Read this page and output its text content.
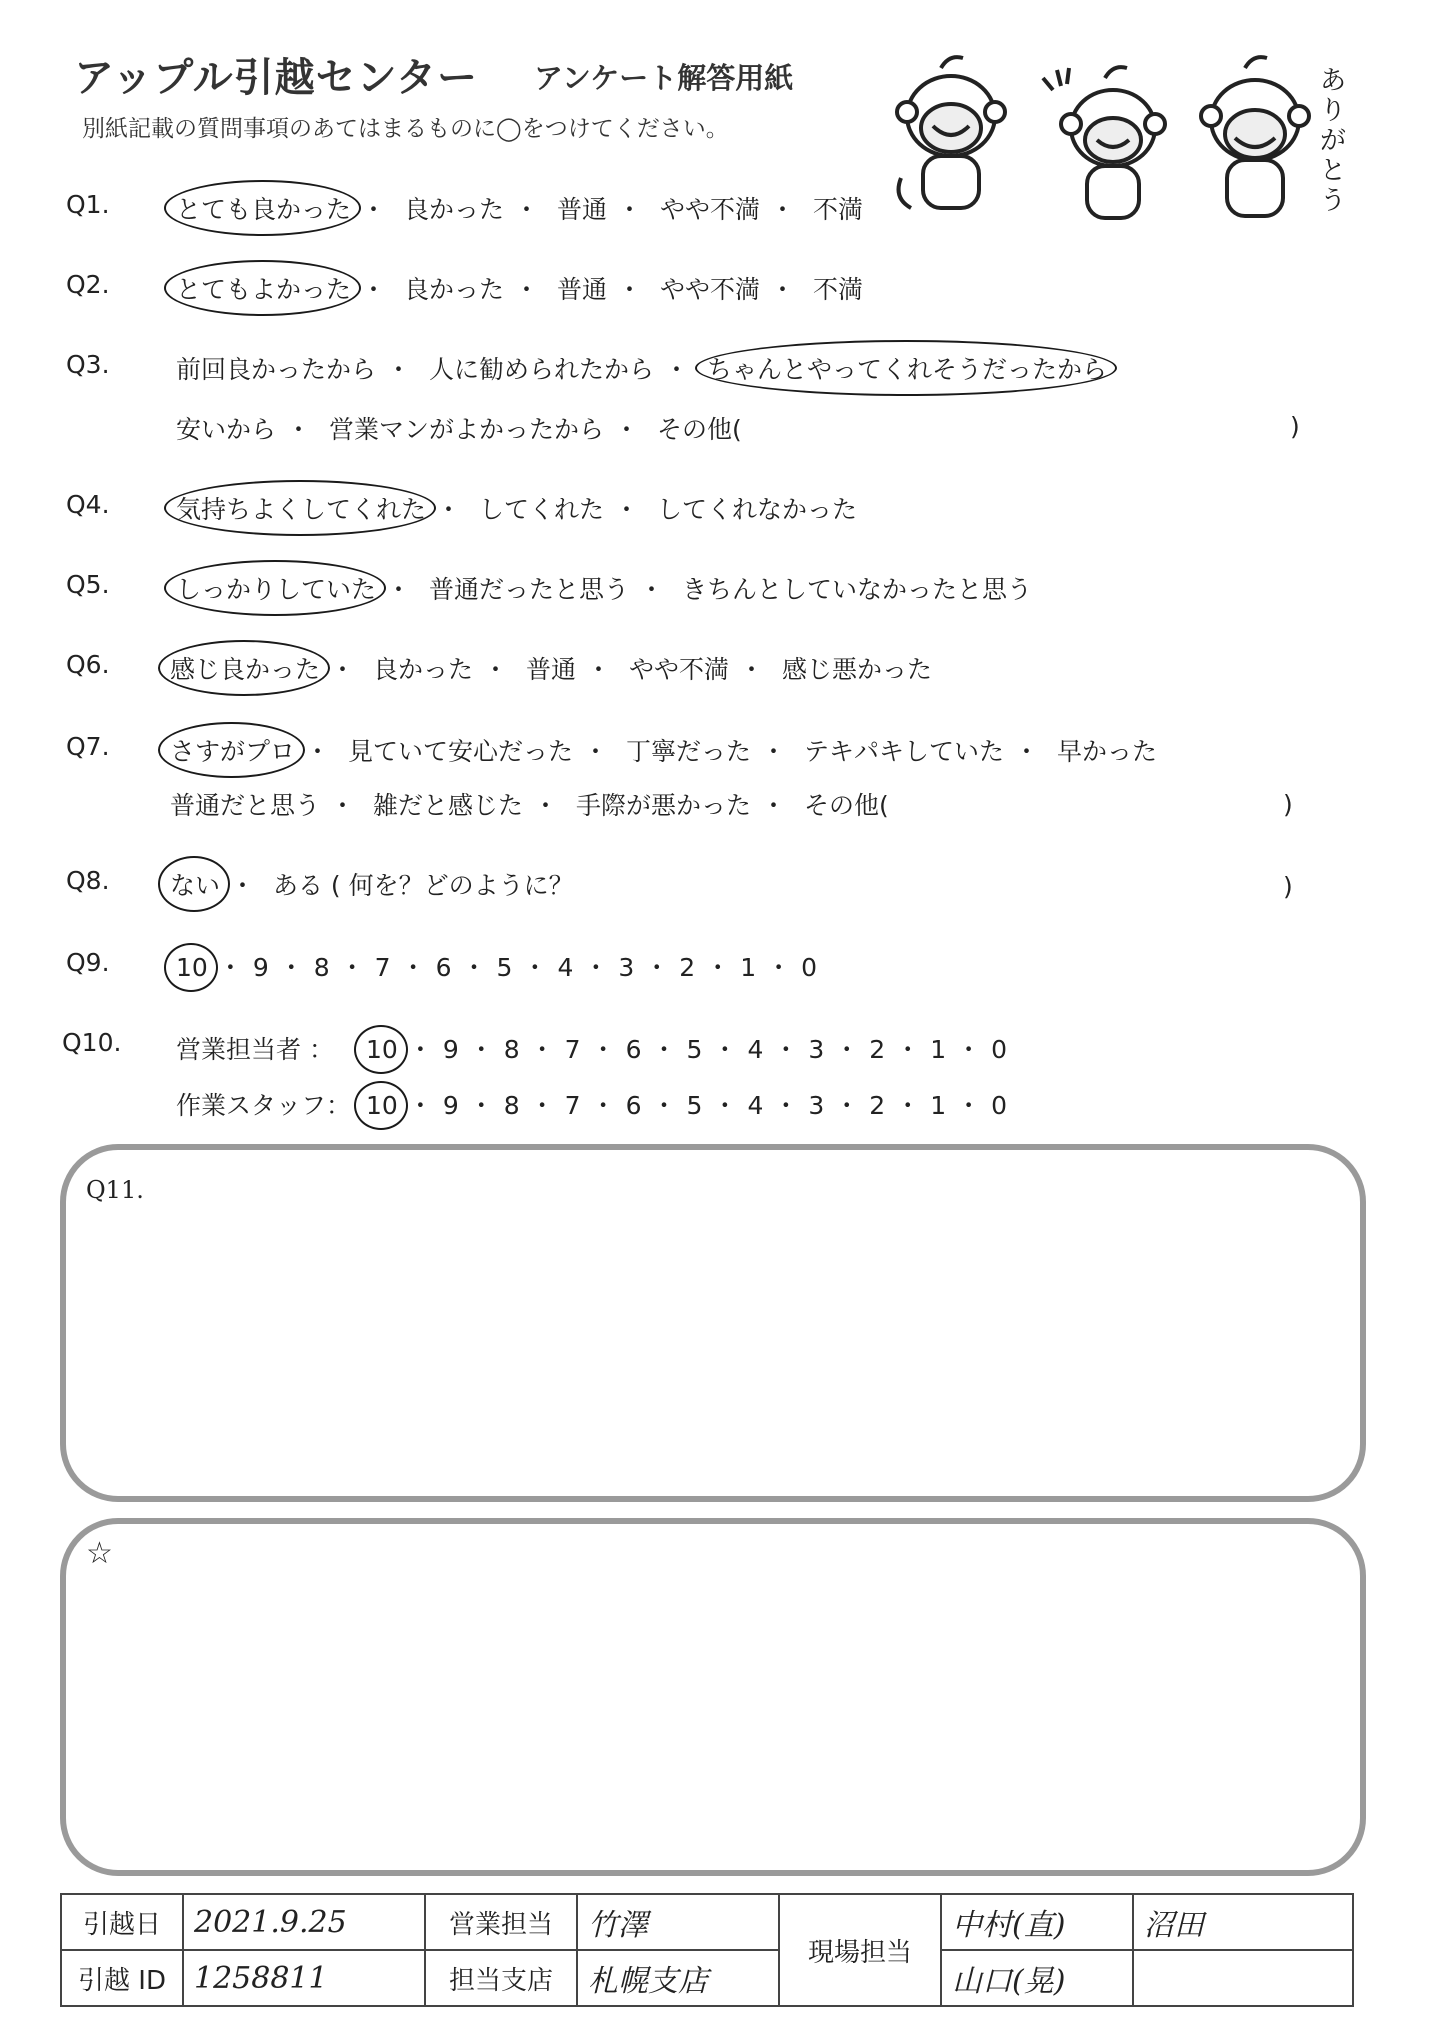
アップル引越センター アンケート解答用紙
別紙記載の質問事項のあてはまるものに◯をつけてください。
ありがとう
Q1.	とても良かった ・ 良かった ・ 普通 ・ やや不満 ・ 不満
Q2.	とてもよかった ・ 良かった ・ 普通 ・ やや不満 ・ 不満
Q3.	前回良かったから ・ 人に勧められたから ・ ちゃんとやってくれそうだったから
安いから ・ 営業マンがよかったから ・ その他(	)
Q4.	気持ちよくしてくれた ・ してくれた ・ してくれなかった
Q5.	しっかりしていた ・ 普通だったと思う ・ きちんとしていなかったと思う
Q6. 感じ良かった ・ 良かった ・ 普通 ・ やや不満 ・ 感じ悪かった
Q7. さすがプロ ・ 見ていて安心だった ・ 丁寧だった ・ テキパキしていた ・ 早かった
普通だと思う ・ 雑だと感じた ・ 手際が悪かった ・ その他(	)
Q8. ない ・ ある ( 何を？どのように？	)
Q9.	10 ・ 9 ・ 8 ・ 7 ・ 6 ・ 5 ・ 4 ・ 3 ・ 2 ・ 1 ・ 0
Q10. 営業担当者 ： 10 ・ 9 ・ 8 ・ 7 ・ 6 ・ 5 ・ 4 ・ 3 ・ 2 ・ 1 ・ 0
作業スタッフ： 10 ・ 9 ・ 8 ・ 7 ・ 6 ・ 5 ・ 4 ・ 3 ・ 2 ・ 1 ・ 0
Q11.
☆
引越日	2021.9.25	営業担当	竹澤	現場担当	中村(直)	沼田
引越 ID	1258811	担当支店	札幌支店		山口(晃)	
